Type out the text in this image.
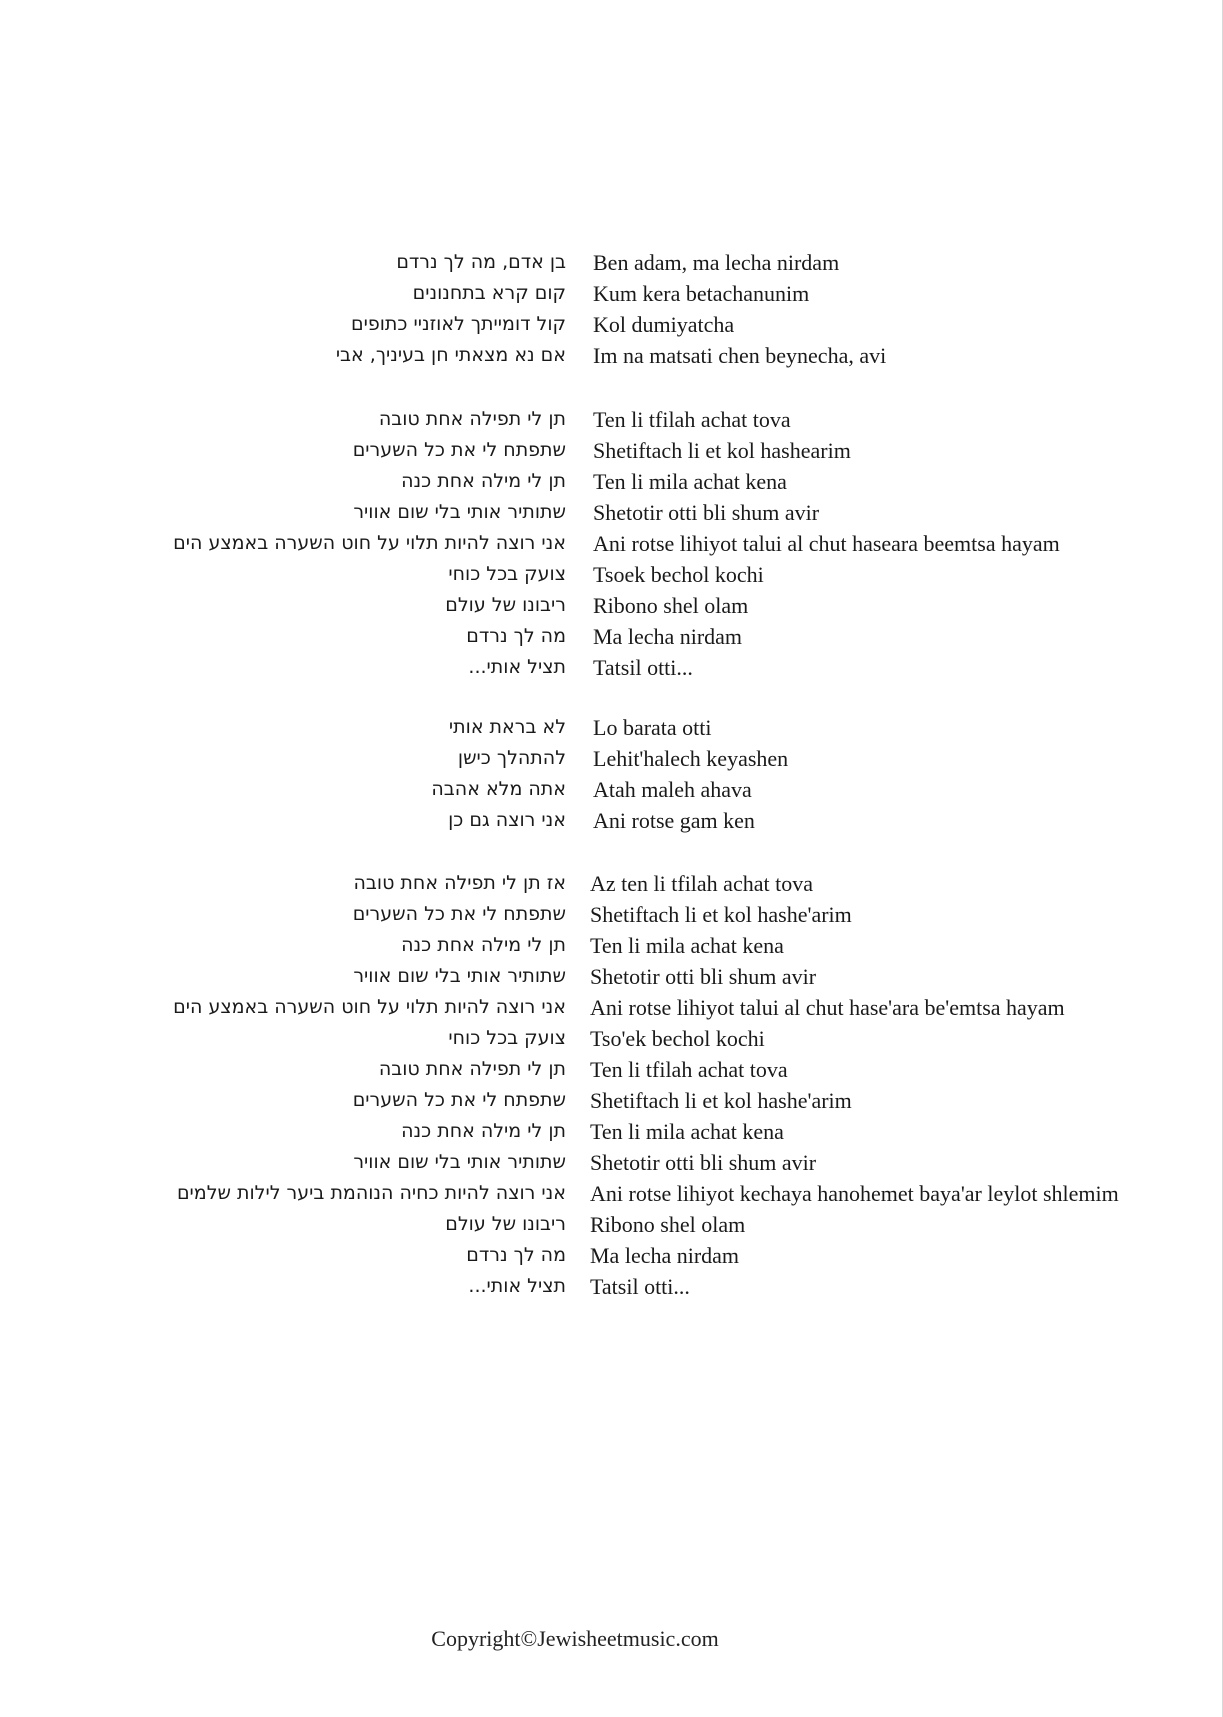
בן אדם, מה לך נרדם Ben adam, ma lecha nirdam
קום קרא בתחנונים Kum kera betachanunim
קול דומייתך לאוזניי כתופים Kol dumiyatcha
אם נא מצאתי חן בעיניך, אבי Im na matsati chen beynecha, avi
תן לי תפילה אחת טובה Ten li tfilah achat tova
שתפתח לי את כל השערים Shetiftach li et kol hashearim
תן לי מילה אחת כנה Ten li mila achat kena
שתותיר אותי בלי שום אוויר Shetotir otti bli shum avir
אני רוצה להיות תלוי על חוט השערה באמצע הים Ani rotse lihiyot talui al chut haseara beemtsa hayam
צועק בכל כוחי Tsoek bechol kochi
ריבונו של עולם Ribono shel olam
מה לך נרדם Ma lecha nirdam
תציל אותי... Tatsil otti...
לא בראת אותי Lo barata otti
להתהלך כישן Lehit'halech keyashen
אתה מלא אהבה Atah maleh ahava
אני רוצה גם כן Ani rotse gam ken
אז תן לי תפילה אחת טובה Az ten li tfilah achat tova
שתפתח לי את כל השערים Shetiftach li et kol hashe'arim
תן לי מילה אחת כנה Ten li mila achat kena
שתותיר אותי בלי שום אוויר Shetotir otti bli shum avir
אני רוצה להיות תלוי על חוט השערה באמצע הים Ani rotse lihiyot talui al chut hase'ara be'emtsa hayam
צועק בכל כוחי Tso'ek bechol kochi
תן לי תפילה אחת טובה Ten li tfilah achat tova
שתפתח לי את כל השערים Shetiftach li et kol hashe'arim
תן לי מילה אחת כנה Ten li mila achat kena
שתותיר אותי בלי שום אוויר Shetotir otti bli shum avir
אני רוצה להיות כחיה הנוהמת ביער לילות שלמים Ani rotse lihiyot kechaya hanohemet baya'ar leylot shlemim
ריבונו של עולם Ribono shel olam
מה לך נרדם Ma lecha nirdam
תציל אותי... Tatsil otti...
Copyright©Jewisheetmusic.com
